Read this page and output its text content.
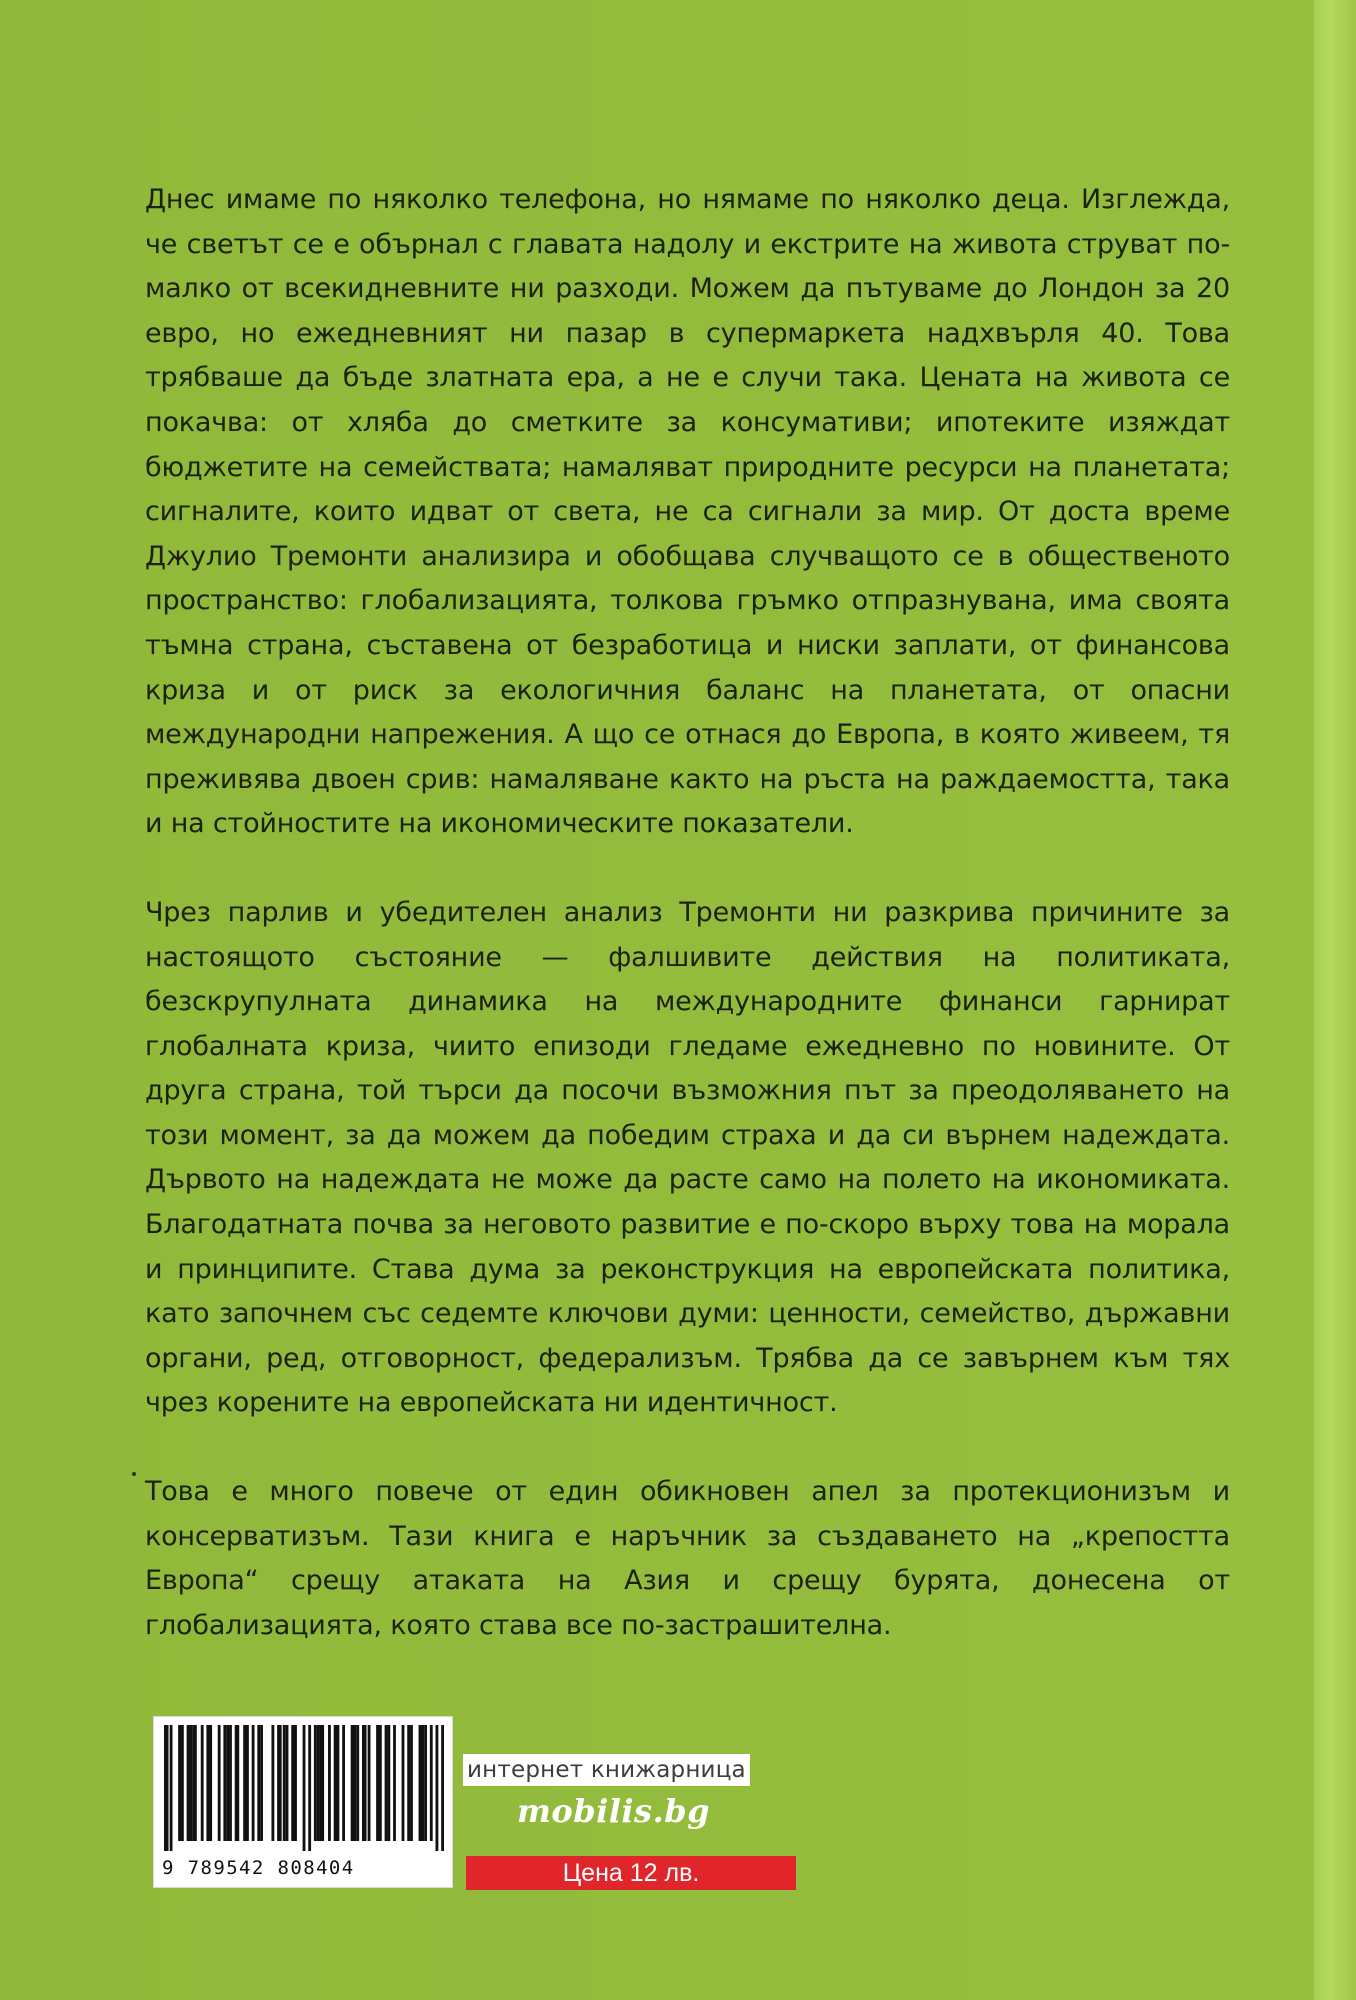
Днес имаме по няколко телефона, но нямаме по няколко деца. Изглежда, че светът се е обърнал с главата надолу и екстрите на живота струват по-малко от всекидневните ни разходи. Можем да пътуваме до Лондон за 20 евро, но ежедневният ни пазар в супермаркета надхвърля 40. Това трябваше да бъде златната ера, а не е случи така. Цената на живота се покачва: от хляба до сметките за консумативи; ипотеките изяждат бюджетите на семействата; намаляват природните ресурси на планетата; сигналите, които идват от света, не са сигнали за мир. От доста време Джулио Тремонти анализира и обобщава случващото се в общественото пространство: глобализацията, толкова гръмко отпразнувана, има своята тъмна страна, съставена от безработица и ниски заплати, от финансова криза и от риск за екологичния баланс на планетата, от опасни международни напрежения. А що се отнася до Европа, в която живеем, тя преживява двоен срив: намаляване както на ръста на раждаемостта, така и на стойностите на икономическите показатели.

Чрез парлив и убедителен анализ Тремонти ни разкрива причините за настоящото състояние — фалшивите действия на политиката, безскрупулната динамика на международните финанси гарнират глобалната криза, чиито епизоди гледаме ежедневно по новините. От друга страна, той търси да посочи възможния път за преодоляването на този момент, за да можем да победим страха и да си върнем надеждата. Дървото на надеждата не може да расте само на полето на икономиката. Благодатната почва за неговото развитие е по-скоро върху това на морала и принципите. Става дума за реконструкция на европейската политика, като започнем със седемте ключови думи: ценности, семейство, държавни органи, ред, отговорност, федерализъм. Трябва да се завърнем към тях чрез корените на европейската ни идентичност.

Това е много повече от един обикновен апел за протекционизъм и консерватизъм. Тази книга е наръчник за създаването на „крепостта Европа“ срещу атаката на Азия и срещу бурята, донесена от глобализацията, която става все по-застрашителна.

9 789542 808404
интернет книжарница
mobilis.bg
Цена 12 лв.
